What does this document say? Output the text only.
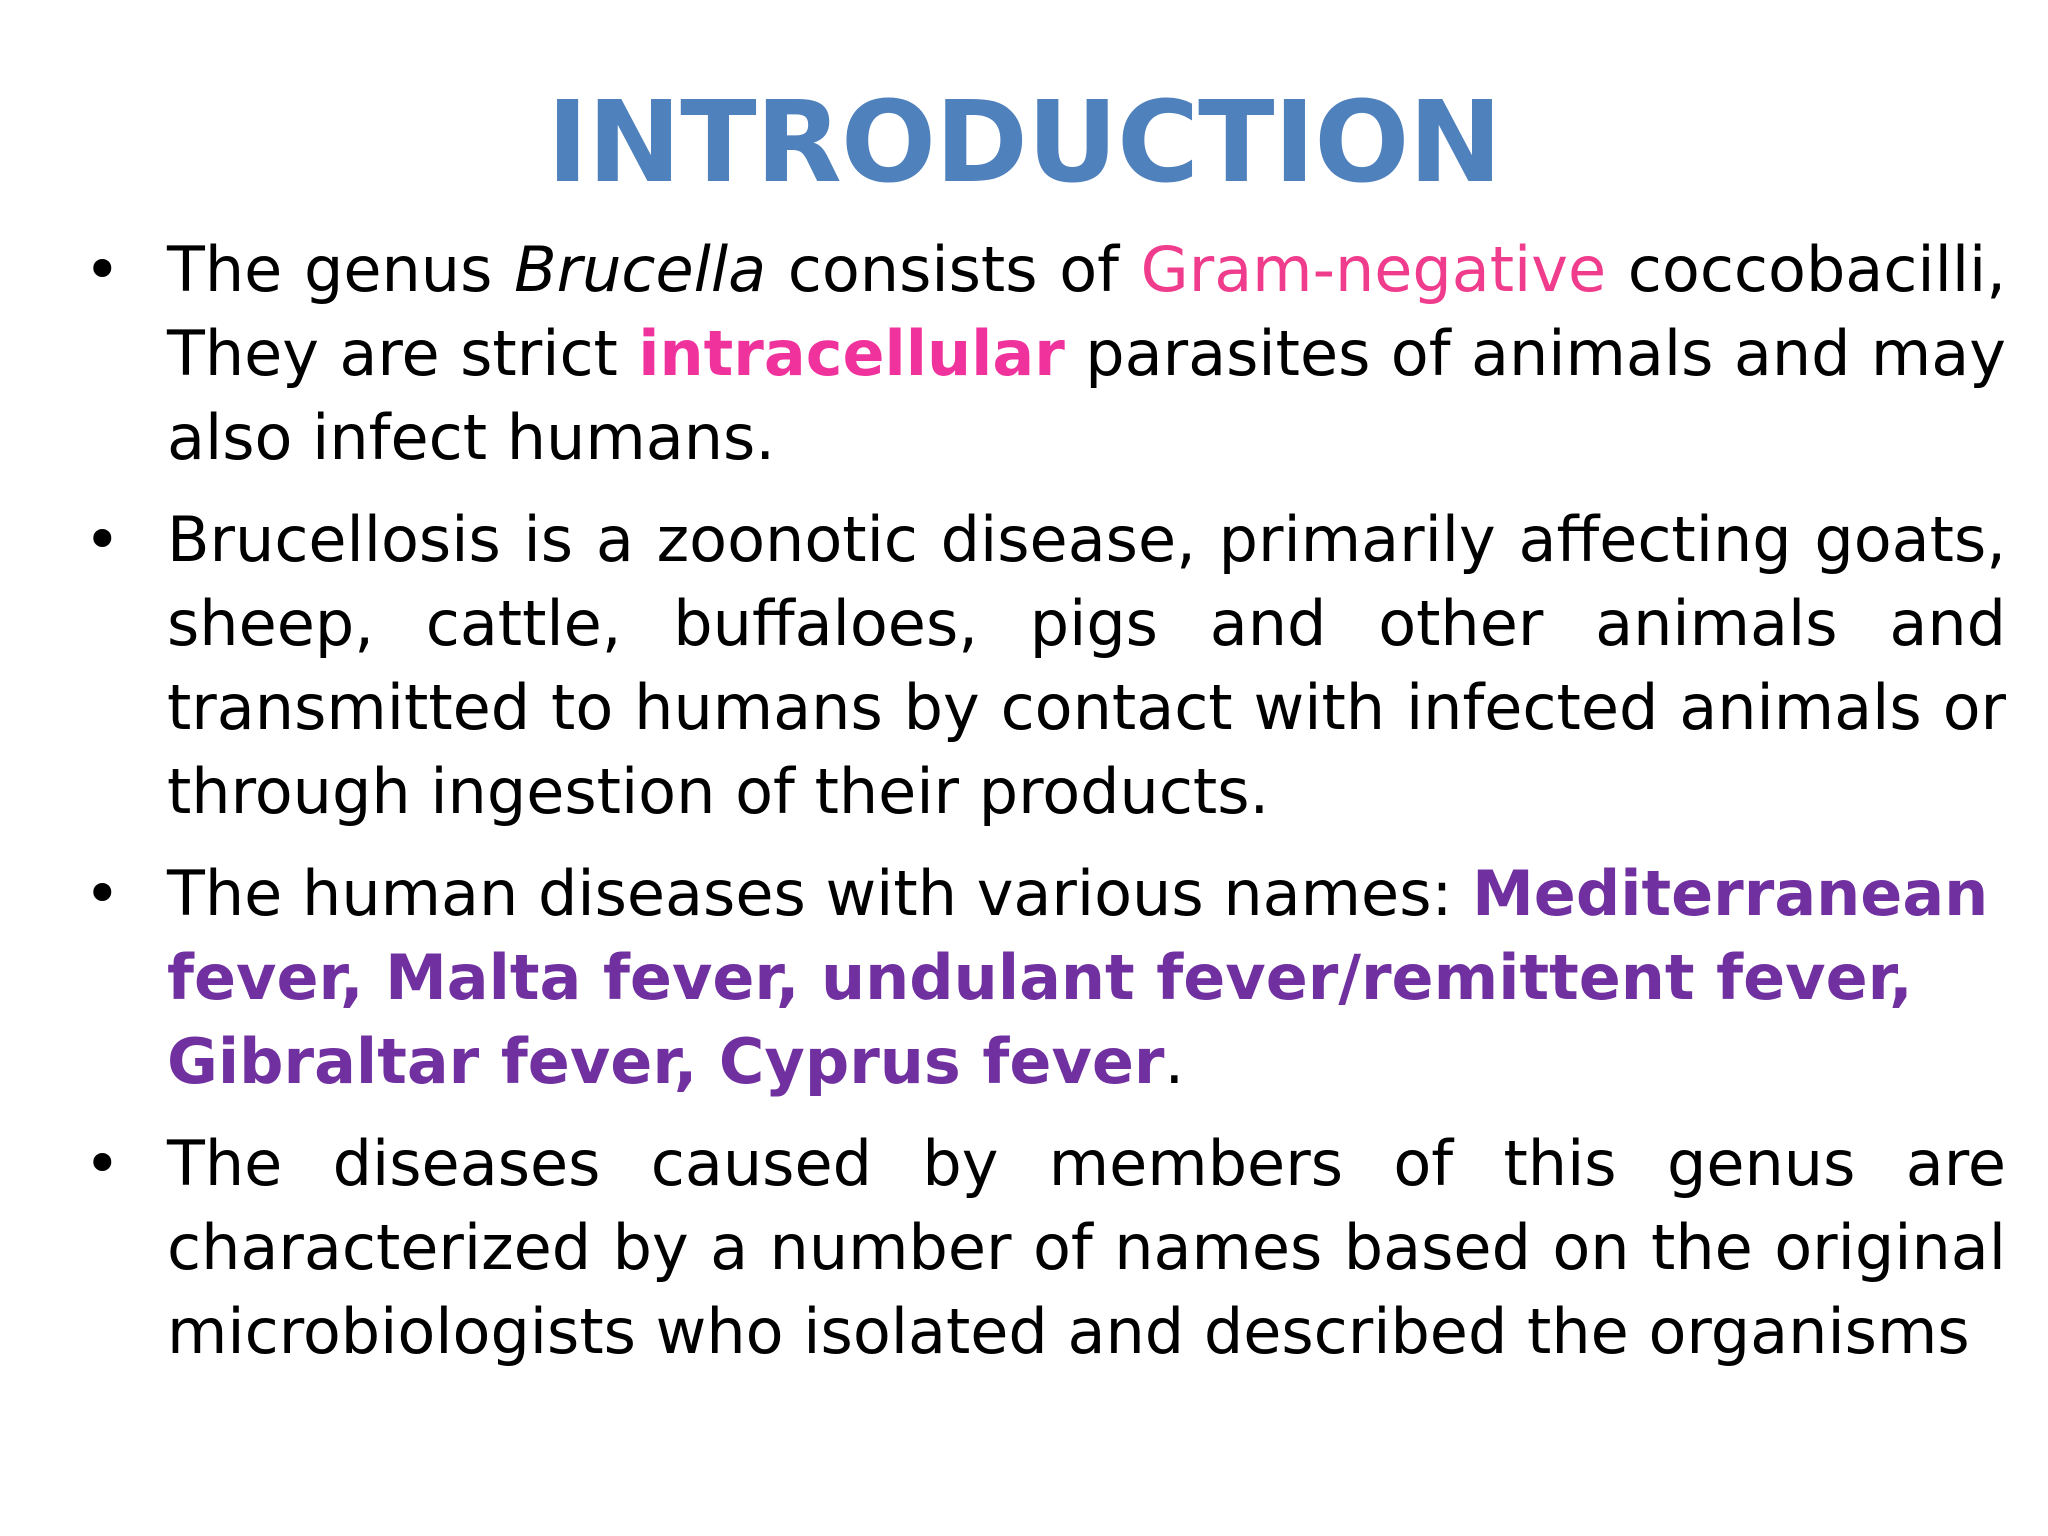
INTRODUCTION
• The genus Brucella consists of Gram-negative coccobacilli, They are strict intracellular parasites of animals and may also infect humans.
• Brucellosis is a zoonotic disease, primarily affecting goats, sheep, cattle, buffaloes, pigs and other animals and transmitted to humans by contact with infected animals or through ingestion of their products.
• The human diseases with various names: Mediterranean fever, Malta fever, undulant fever/remittent fever, Gibraltar fever, Cyprus fever.
• The diseases caused by members of this genus are characterized by a number of names based on the original microbiologists who isolated and described the organisms
